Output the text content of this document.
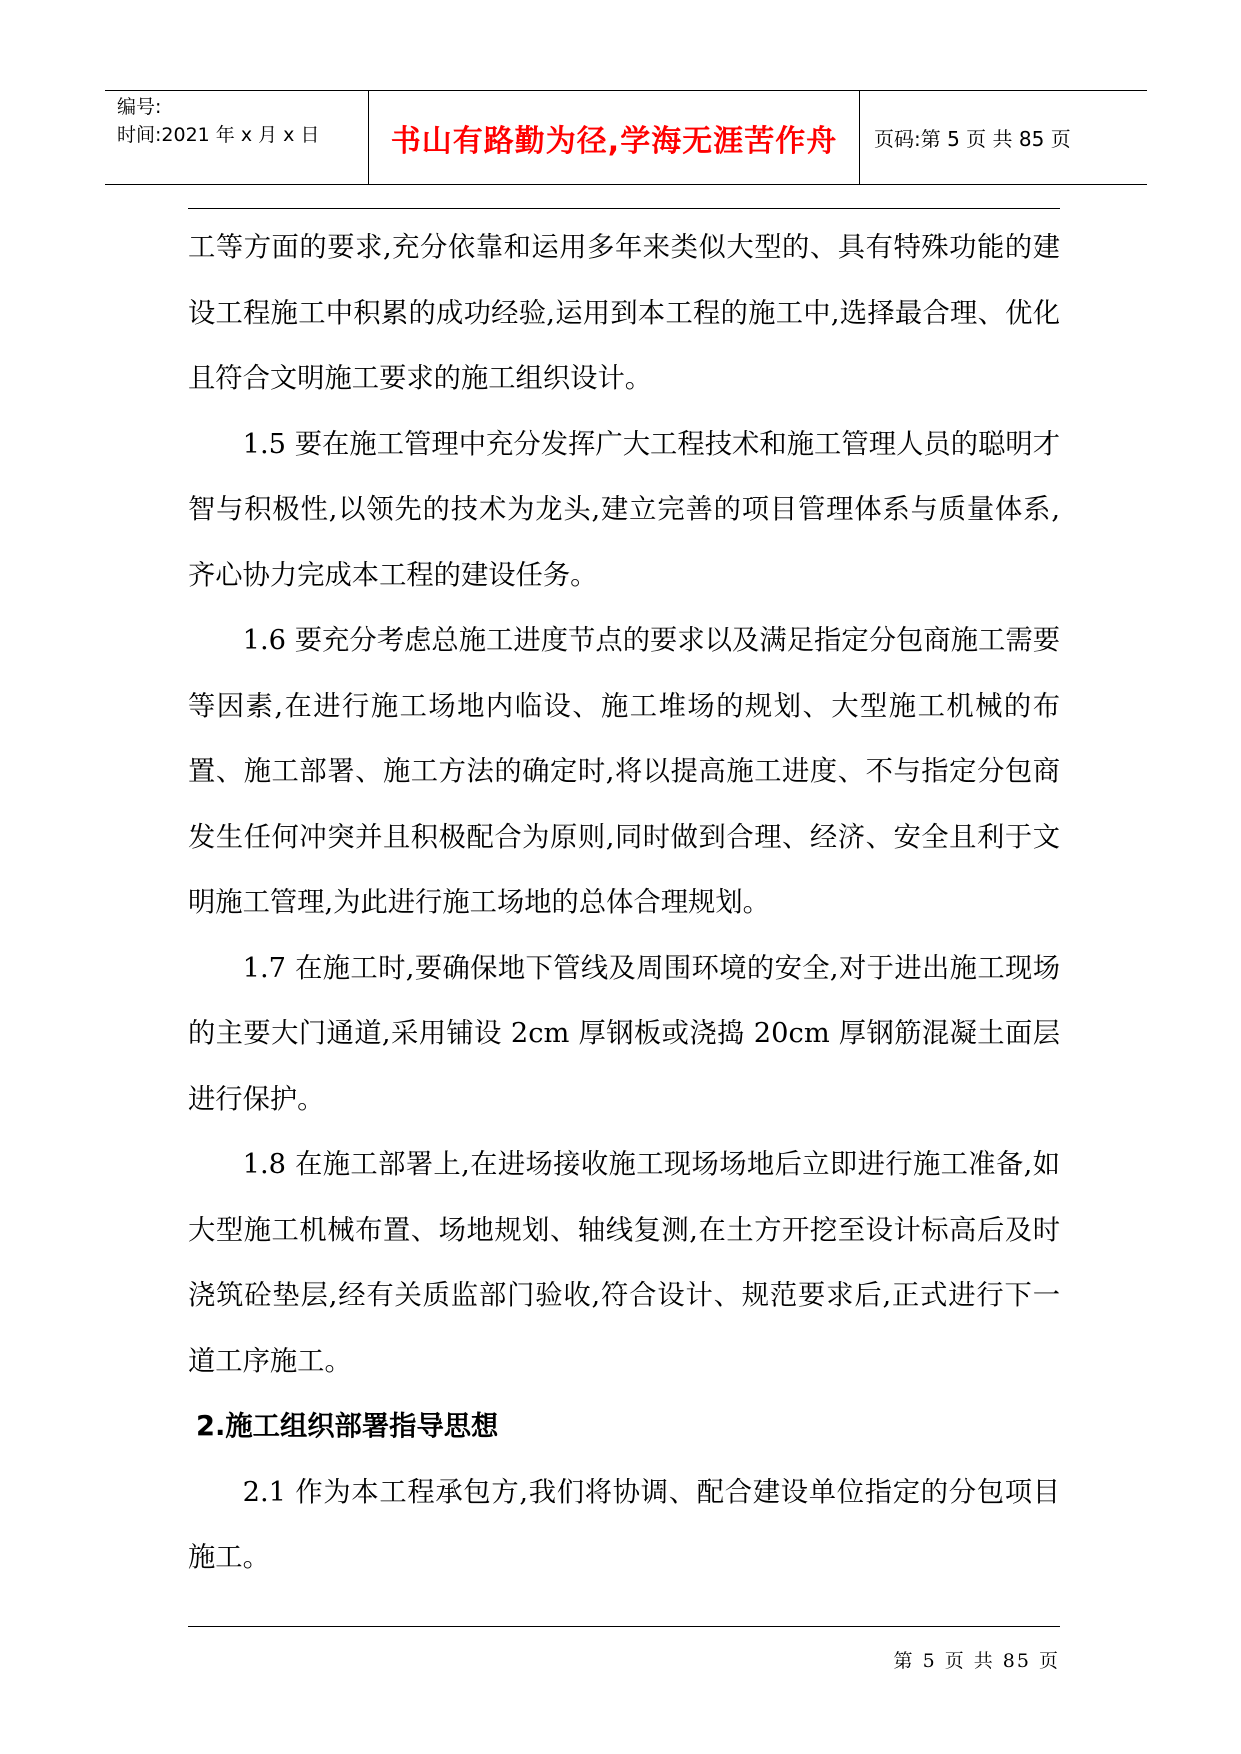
编号:
时间:2021 年 x 月 x 日	书山有路勤为径,学海无涯苦作舟 页码:第 5 页 共 85 页

工等方面的要求,充分依靠和运用多年来类似大型的、具有特殊功能的建设工程施工中积累的成功经验,运用到本工程的施工中,选择最合理、优化且符合文明施工要求的施工组织设计。

1.5 要在施工管理中充分发挥广大工程技术和施工管理人员的聪明才智与积极性,以领先的技术为龙头,建立完善的项目管理体系与质量体系,齐心协力完成本工程的建设任务。

1.6 要充分考虑总施工进度节点的要求以及满足指定分包商施工需要等因素,在进行施工场地内临设、施工堆场的规划、大型施工机械的布置、施工部署、施工方法的确定时,将以提高施工进度、不与指定分包商发生任何冲突并且积极配合为原则,同时做到合理、经济、安全且利于文明施工管理,为此进行施工场地的总体合理规划。

1.7 在施工时,要确保地下管线及周围环境的安全,对于进出施工现场的主要大门通道,采用铺设 2cm 厚钢板或浇捣 20cm 厚钢筋混凝土面层进行保护。

1.8 在施工部署上,在进场接收施工现场场地后立即进行施工准备,如大型施工机械布置、场地规划、轴线复测,在土方开挖至设计标高后及时浇筑砼垫层,经有关质监部门验收,符合设计、规范要求后,正式进行下一道工序施工。

2.施工组织部署指导思想

2.1 作为本工程承包方,我们将协调、配合建设单位指定的分包项目施工。

第 5 页 共 85 页
